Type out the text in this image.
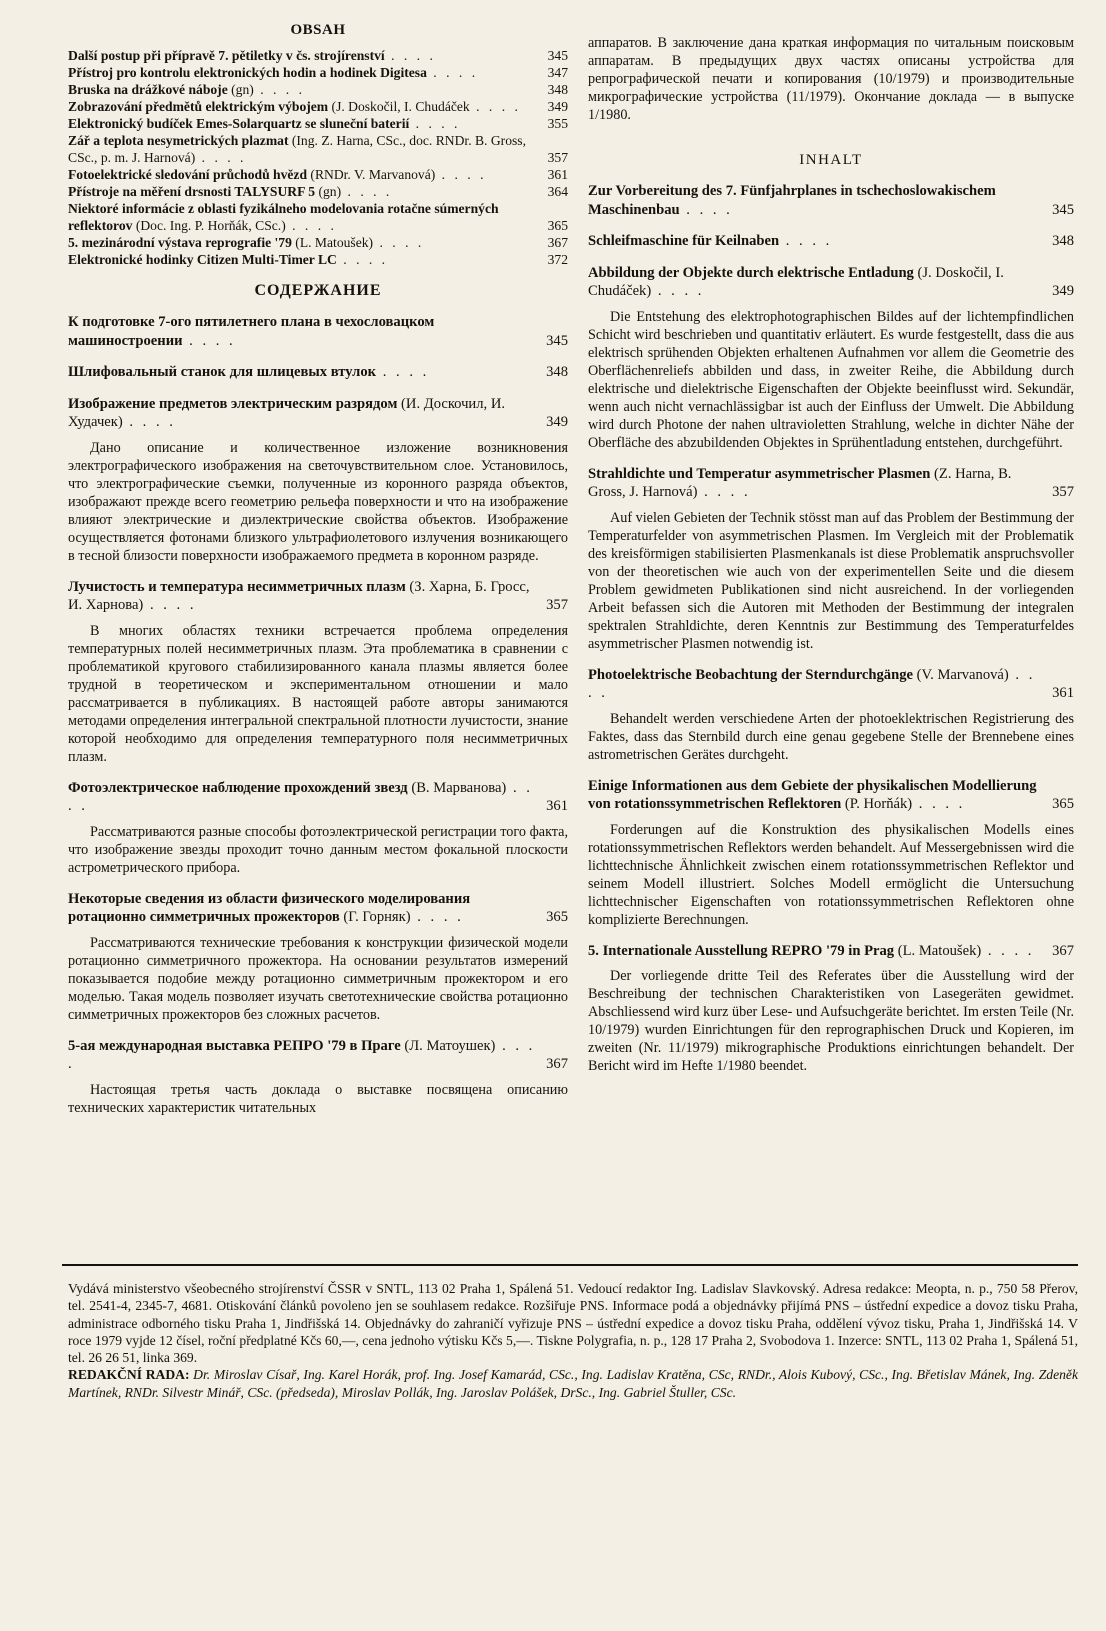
OBSAH
Další postup při přípravě 7. pětiletky v čs. strojírenství . . . .	345
Přístroj pro kontrolu elektronických hodin a hodinek Digitesa . . . .	347
Bruska na drážkové náboje (gn) . . . .	348
Zobrazování předmětů elektrickým výbojem (J. Doskočil, I. Chudáček . . . . 349
Elektronický budíček Emes-Solarquartz se sluneční baterií . . . .	355
Zář a teplota nesymetrických plazmat (Ing. Z. Harna, CSc., doc. RNDr. B. Gross, CSc., p. m. J. Harnová) . . . .	357
Fotoelektrické sledování průchodů hvězd (RNDr. V. Marvanová) . . . .	361
Přístroje na měření drsnosti TALYSURF 5 (gn) . . . .	364
Niektoré informácie z oblasti fyzikálneho modelovania rotačne súmerných reflektorov (Doc. Ing. P. Horňák, CSc.) . . . .	365
5. mezinárodní výstava reprografie '79 (L. Matoušek) . . . .	367
Elektronické hodinky Citizen Multi-Timer LC . . . .	372
СОДЕРЖАНИЕ
К подготовке 7-ого пятилетнего плана в чехословацком машиностроении . . . .	345
Шлифовальный станок для шлицевых втулок . . . .	348
Изображение предметов электрическим разрядом (И. Доскочил, И. Худачек) . . . .	349

Дано описание и количественное изложение возникновения электрографического изображения на светочувствительном слое. Установилось, что электрографические съемки, полученные из коронного разряда объектов, изображают прежде всего геометрию рельефа поверхности и что на изображение влияют электрические и диэлектрические свойства объектов. Изображение осуществляется фотонами близкого ультрафиолетового излучения возникающего в тесной близости поверхности изображаемого предмета в коронном разряде.

Лучистость и температура несимметричных плазм (З. Харна, Б. Гросс, И. Харнова) . . . .	357

В многих областях техники встречается проблема определения температурных полей несимметричных плазм. Эта проблематика в сравнении с проблематикой кругового стабилизированного канала плазмы является более трудной в теоретическом и экспериментальном отношении и мало рассматривается в публикациях. В настоящей работе авторы занимаются методами определения интегральной спектральной плотности лучистости, знание которой необходимо для определения температурного поля несимметричных плазм.

Фотоэлектрическое наблюдение прохождений звезд (В. Марванова) . . . .	361

Рассматриваются разные способы фотоэлектрической регистрации того факта, что изображение звезды проходит точно данным местом фокальной плоскости астрометрического прибора.

Некоторые сведения из области физического моделирования ротационно симметричных прожекторов (Г. Горняк) . . . .	365

Рассматриваются технические требования к конструкции физической модели ротационно симметричного прожектора. На основании результатов измерений показывается подобие между ротационно симметричным прожектором и его моделью. Такая модель позволяет изучать светотехнические свойства ротационно симметричных прожекторов без сложных расчетов.

5-ая международная выставка РЕПРО '79 в Праге (Л. Матоушек) . . . .	367

Настоящая третья часть доклада о выставке посвящена описанию технических характеристик читательных

аппаратов. В заключение дана краткая информация по читальным поисковым аппаратам. В предыдущих двух частях описаны устройства для репрографической печати и копирования (10/1979) и производительные микрографические устройства (11/1979). Окончание доклада — в выпуске 1/1980.

INHALT
Zur Vorbereitung des 7. Fünfjahrplanes in tschechoslowakischem Maschinenbau . . . .	345
Schleifmaschine für Keilnaben . . . .	348
Abbildung der Objekte durch elektrische Entladung (J. Doskočil, I. Chudáček) . . . .	349

Die Entstehung des elektrophotographischen Bildes auf der lichtempfindlichen Schicht wird beschrieben und quantitativ erläutert. Es wurde festgestellt, dass die aus elektrisch sprühenden Objekten erhaltenen Aufnahmen vor allem die Geometrie des Oberflächenreliefs abbilden und dass, in zweiter Reihe, die Abbildung durch elektrische und dielektrische Eigenschaften der Objekte beeinflusst wird. Sekundär, wenn auch nicht vernachlässigbar ist auch der Einfluss der Umwelt. Die Abbildung wird durch Photone der nahen ultravioletten Strahlung, welche in dichter Nähe der Oberfläche des abzubildenden Objektes in Sprühentladung entstehen, durchgeführt.

Strahldichte und Temperatur asymmetrischer Plasmen (Z. Harna, B. Gross, J. Harnová) . . . .	357

Auf vielen Gebieten der Technik stösst man auf das Problem der Bestimmung der Temperaturfelder von asymmetrischen Plasmen. Im Vergleich mit der Problematik des kreisförmigen stabilisierten Plasmenkanals ist diese Problematik anspruchsvoller von der theoretischen wie auch von der experimentellen Seite und die diesem Problem gewidmeten Publikationen sind nicht ausreichend. In der vorliegenden Arbeit befassen sich die Autoren mit Methoden der Bestimmung der integralen spektralen Strahldichte, deren Kenntnis zur Bestimmung des Temperaturfeldes asymmetrischer Plasmen notwendig ist.

Photoelektrische Beobachtung der Sterndurchgänge (V. Marvanová) . . . .	361

Behandelt werden verschiedene Arten der photoeklektrischen Registrierung des Faktes, dass das Sternbild durch eine genau gegebene Stelle der Brennebene eines astrometrischen Gerätes durchgeht.

Einige Informationen aus dem Gebiete der physikalischen Modellierung von rotationssymmetrischen Reflektoren (P. Horňák) . . . .	365

Forderungen auf die Konstruktion des physikalischen Modells eines rotationssymmetrischen Reflektors werden behandelt. Auf Messergebnissen wird die lichttechnische Ähnlichkeit zwischen einem rotationssymmetrischen Reflektor und seinem Modell illustriert. Solches Modell ermöglicht die Untersuchung lichttechnischer Eigenschaften von rotationssymmetrischen Reflektoren ohne komplizierte Berechnungen.

5. Internationale Ausstellung REPRO '79 in Prag (L. Matoušek) . . . . 367

Der vorliegende dritte Teil des Referates über die Ausstellung wird der Beschreibung der technischen Charakteristiken von Lasegeräten gewidmet. Abschliessend wird kurz über Lese- und Aufsuchgeräte berichtet. Im ersten Teile (Nr. 10/1979) wurden Einrichtungen für den reprographischen Druck und Kopieren, im zweiten (Nr. 11/1979) mikrographische Produktions einrichtungen behandelt. Der Bericht wird im Hefte 1/1980 beendet.

Vydává ministerstvo všeobecného strojírenství ČSSR v SNTL, 113 02 Praha 1, Spálená 51. Vedoucí redaktor Ing. Ladislav Slavkovský. Adresa redakce: Meopta, n. p., 750 58 Přerov, tel. 2541-4, 2345-7, 4681. Otiskování článků povoleno jen se souhlasem redakce. Rozšiřuje PNS. Informace podá a objednávky přijímá PNS – ústřední expedice a dovoz tisku Praha, administrace odborného tisku Praha 1, Jindřišská 14. Objednávky do zahraničí vyřizuje PNS – ústřední expedice a dovoz tisku Praha, oddělení vývoz tisku, Praha 1, Jindřišská 14. V roce 1979 vyjde 12 čísel, roční předplatné Kčs 60,—, cena jednoho výtisku Kčs 5,—. Tiskne Polygrafia, n. p., 128 17 Praha 2, Svobodova 1. Inzerce: SNTL, 113 02 Praha 1, Spálená 51, tel. 26 26 51, linka 369.
REDAKČNÍ RADA: Dr. Miroslav Císař, Ing. Karel Horák, prof. Ing. Josef Kamarád, CSc., Ing. Ladislav Kratěna, CSc, RNDr., Alois Kubový, CSc., Ing. Břetislav Mánek, Ing. Zdeněk Martínek, RNDr. Silvestr Minář, CSc. (předseda), Miroslav Pollák, Ing. Jaroslav Polášek, DrSc., Ing. Gabriel Štuller, CSc.
